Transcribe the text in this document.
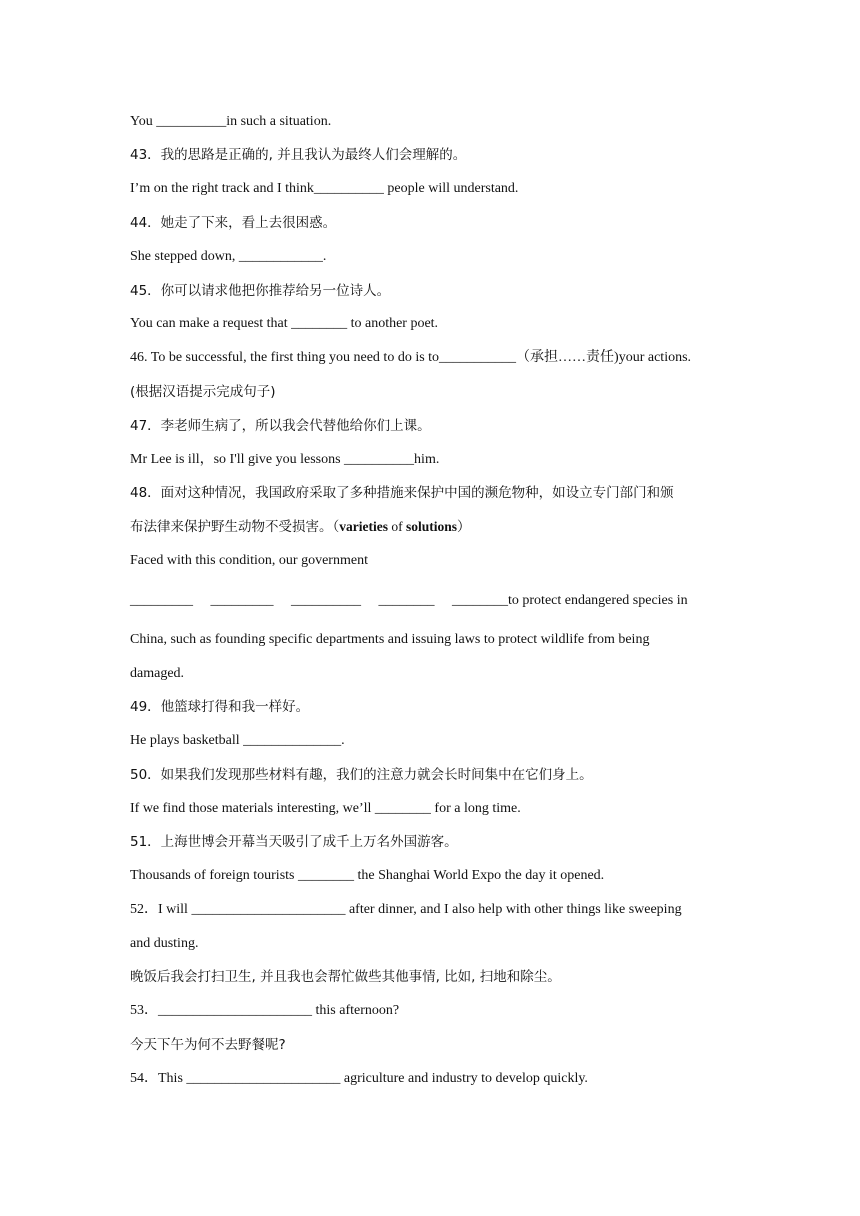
You __________in such a situation.
43．我的思路是正确的, 并且我认为最终人们会理解的。
I’m on the right track and I think__________ people will understand.
44．她走了下来，看上去很困惑。
She stepped down, ____________.
45．你可以请求他把你推荐给另一位诗人。
You can make a request that ________ to another poet.
46. To be successful, the first thing you need to do is to___________（承担……责任)your actions.
(根据汉语提示完成句子)
47．李老师生病了，所以我会代替他给你们上课。
Mr Lee is ill，so I'll give you lessons __________him.
48．面对这种情况，我国政府采取了多种措施来保护中国的濒危物种，如设立专门部门和颁
布法律来保护野生动物不受损害。（varieties of solutions）
Faced with this condition, our government
_________     _________     __________     ________     ________to protect endangered species in
China, such as founding specific departments and issuing laws to protect wildlife from being
damaged.
49．他篮球打得和我一样好。
He plays basketball ______________.
50．如果我们发现那些材料有趣，我们的注意力就会长时间集中在它们身上。
If we find those materials interesting, we’ll ________ for a long time.
51．上海世博会开幕当天吸引了成千上万名外国游客。
Thousands of foreign tourists ________ the Shanghai World Expo the day it opened.
52．I will ______________________ after dinner, and I also help with other things like sweeping
and dusting.
晚饭后我会打扫卫生, 并且我也会帮忙做些其他事情, 比如, 扫地和除尘。
53．______________________ this afternoon?
今天下午为何不去野餐呢?
54．This ______________________ agriculture and industry to develop quickly.
